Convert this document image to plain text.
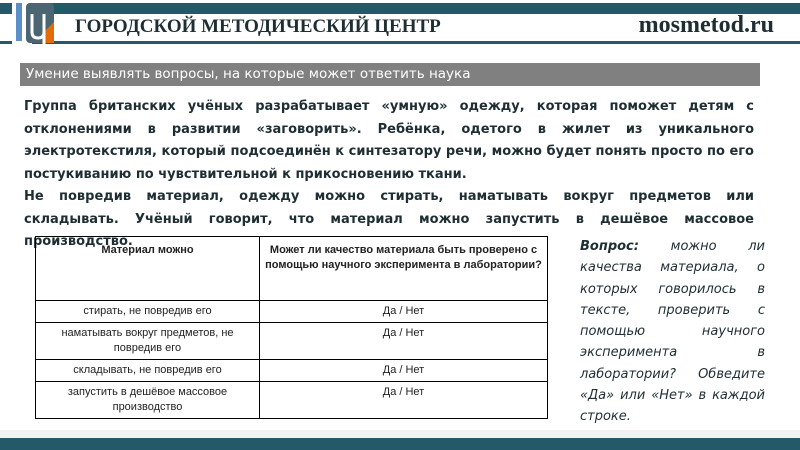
ГОРОДСКОЙ МЕТОДИЧЕСКИЙ ЦЕНТР	mosmetod.ru
Умение выявлять вопросы, на которые может ответить наука

Группа британских учёных разрабатывает «умную» одежду, которая поможет детям с отклонениями в развитии «заговорить». Ребёнка, одетого в жилет из уникального электротекстиля, который подсоединён к синтезатору речи, можно будет понять просто по его постукиванию по чувствительной к прикосновению ткани.

Не повредив материал, одежду можно стирать, наматывать вокруг предметов или складывать. Учёный говорит, что материал можно запустить в дешёвое массовое производство.

Материал можно	Может ли качество материала быть проверено с помощью научного эксперимента в лаборатории?
стирать, не повредив его	Да / Нет
наматывать вокруг предметов, не повредив его	Да / Нет
складывать, не повредив его	Да / Нет
запустить в дешёвое массовое производство	Да / Нет
Вопрос: можно ли качества материала, о которых говорилось в тексте, проверить с помощью научного эксперимента в лаборатории? Обведите «Да» или «Нет» в каждой строке.
